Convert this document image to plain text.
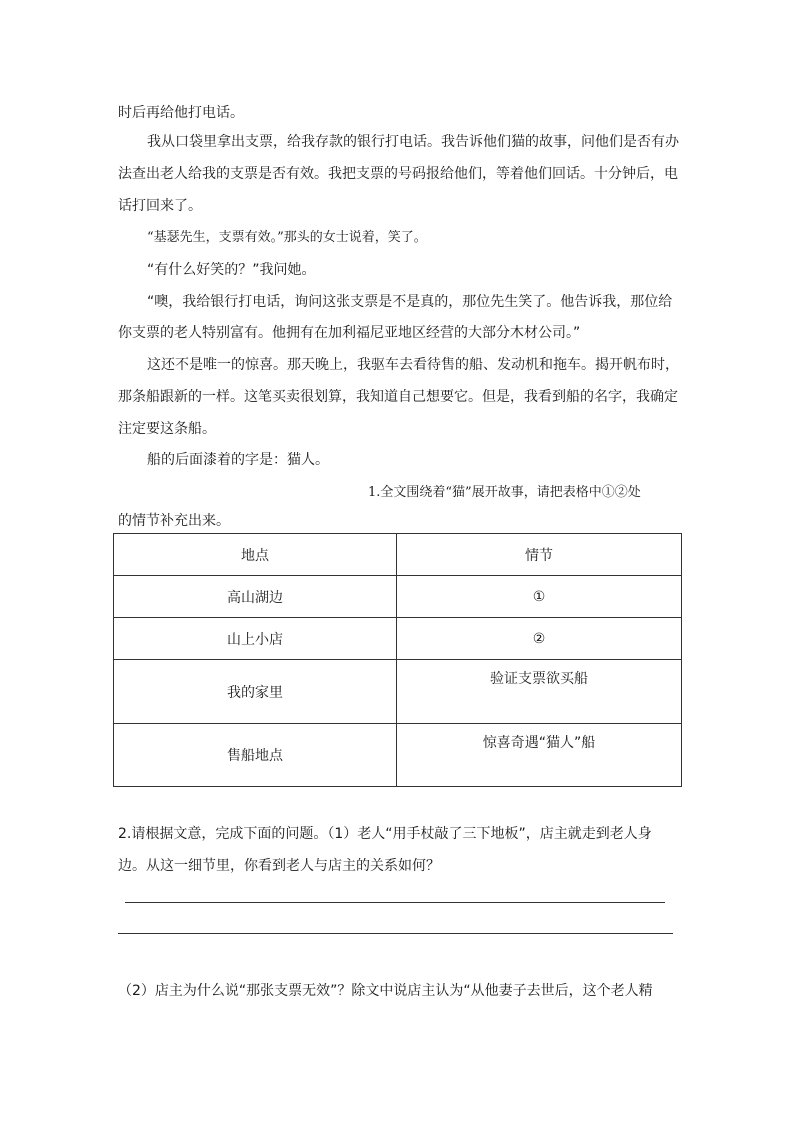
时后再给他打电话。
我从口袋里拿出支票，给我存款的银行打电话。我告诉他们猫的故事，问他们是否有办
法查出老人给我的支票是否有效。我把支票的号码报给他们，等着他们回话。十分钟后，电
话打回来了。
“基瑟先生，支票有效。”那头的女士说着，笑了。
“有什么好笑的？”我问她。
“噢，我给银行打电话，询问这张支票是不是真的，那位先生笑了。他告诉我，那位给
你支票的老人特别富有。他拥有在加利福尼亚地区经营的大部分木材公司。”
这还不是唯一的惊喜。那天晚上，我驱车去看待售的船、发动机和拖车。揭开帆布时，
那条船跟新的一样。这笔买卖很划算，我知道自己想要它。但是，我看到船的名字，我确定
注定要这条船。
船的后面漆着的字是：猫人。
1.全文围绕着“猫”展开故事，请把表格中①②处
的情节补充出来。
地点	情节
高山湖边	①
山上小店	②
我的家里	验证支票欲买船
售船地点	惊喜奇遇“猫人”船
2.请根据文意，完成下面的问题。（1）老人“用手杖敲了三下地板”，店主就走到老人身
边。从这一细节里，你看到老人与店主的关系如何？
（2）店主为什么说“那张支票无效”？除文中说店主认为“从他妻子去世后，这个老人精
